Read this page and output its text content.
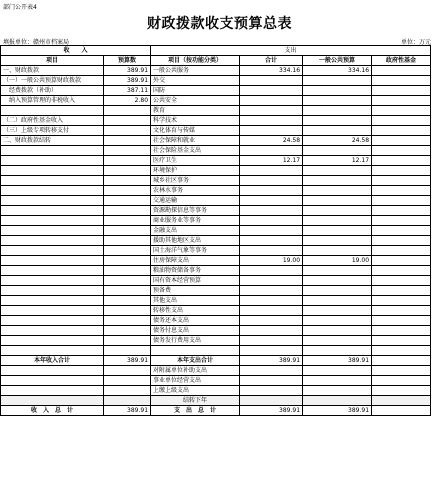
部门公开表4
财政拨款收支预算总表
填报单位：赣州市档案局	单位：万元
收　　入		支出			
项目	预算数	项目（按功能分类）	合计	一般公共预算	政府性基金
一、财政拨款	389.91	一般公共服务	334.16	334.16	
（一）一般公共预算财政拨款	389.91	外交			
　经费拨款（补助）	387.11	国防			
　纳入预算管理的非税收入	2.80	公共安全			
		教育			
（二）政府性基金收入		科学技术			
（三）上级专项转移支付		文化体育与传媒			
二、财政拨款结转		社会保障和就业	24.58	24.58	
		社会保险基金支出			
		医疗卫生	12.17	12.17	
		环境保护			
		城乡社区事务			
		农林水事务			
		交通运输			
		资源勘探信息等事务			
		商业服务业等事务			
		金融支出			
		援助其他地区支出			
		国土海洋气象等事务			
		住房保障支出	19.00	19.00	
		粮油物资储备事务			
		国有资本经营预算			
		预备费			
		其他支出			
		转移性支出			
		债务还本支出			
		债务付息支出			
		债务发行费用支出			

本年收入合计	389.91	本年支出合计	389.91	389.91	
		对附属单位补助支出			
		事业单位经营支出			
		上缴上级支出			
		结转下年			
收　入　总　计	389.91	支　出　总　计	389.91	389.91	
